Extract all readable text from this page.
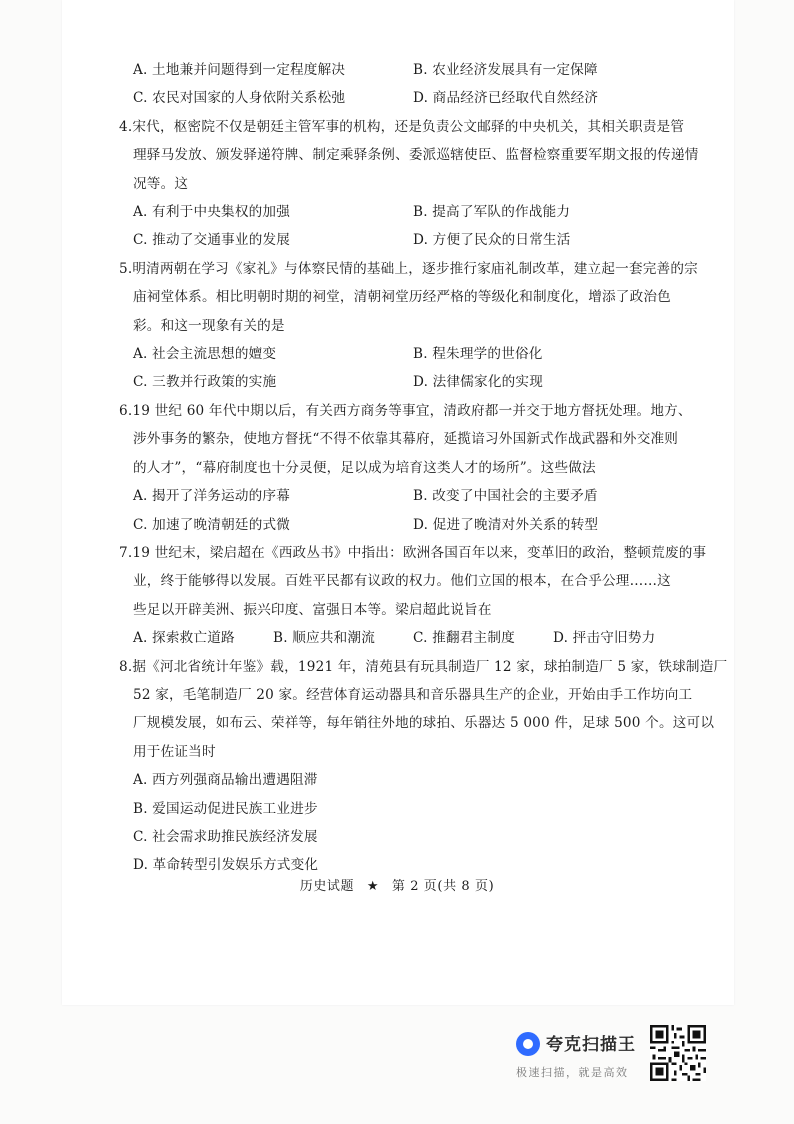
A. 土地兼并问题得到一定程度解决	B. 农业经济发展具有一定保障
C. 农民对国家的人身依附关系松弛	D. 商品经济已经取代自然经济
4.宋代，枢密院不仅是朝廷主管军事的机构，还是负责公文邮驿的中央机关，其相关职责是管
理驿马发放、颁发驿递符牌、制定乘驿条例、委派巡辖使臣、监督检察重要军期文报的传递情
况等。这
A. 有利于中央集权的加强	B. 提高了军队的作战能力
C. 推动了交通事业的发展	D. 方便了民众的日常生活
5.明清两朝在学习《家礼》与体察民情的基础上，逐步推行家庙礼制改革，建立起一套完善的宗
庙祠堂体系。相比明朝时期的祠堂，清朝祠堂历经严格的等级化和制度化，增添了政治色
彩。和这一现象有关的是
A. 社会主流思想的嬗变	B. 程朱理学的世俗化
C. 三教并行政策的实施	D. 法律儒家化的实现
6.19 世纪 60 年代中期以后，有关西方商务等事宜，清政府都一并交于地方督抚处理。地方、
涉外事务的繁杂，使地方督抚“不得不依靠其幕府，延揽谙习外国新式作战武器和外交准则
的人才”，“幕府制度也十分灵便，足以成为培育这类人才的场所”。这些做法
A. 揭开了洋务运动的序幕	B. 改变了中国社会的主要矛盾
C. 加速了晚清朝廷的式微	D. 促进了晚清对外关系的转型
7.19 世纪末，梁启超在《西政丛书》中指出：欧洲各国百年以来，变革旧的政治，整顿荒废的事
业，终于能够得以发展。百姓平民都有议政的权力。他们立国的根本，在合乎公理……这
些足以开辟美洲、振兴印度、富强日本等。梁启超此说旨在
A. 探索救亡道路	B. 顺应共和潮流	C. 推翻君主制度	D. 抨击守旧势力
8.据《河北省统计年鉴》载，1921 年，清苑县有玩具制造厂 12 家，球拍制造厂 5 家，铁球制造厂
52 家，毛笔制造厂 20 家。经营体育运动器具和音乐器具生产的企业，开始由手工作坊向工
厂规模发展，如布云、荣祥等，每年销往外地的球拍、乐器达 5 000 件，足球 500 个。这可以
用于佐证当时
A. 西方列强商品输出遭遇阻滞
B. 爱国运动促进民族工业进步
C. 社会需求助推民族经济发展
D. 革命转型引发娱乐方式变化
历史试题 ★ 第 2 页(共 8 页)
夸克扫描王
极速扫描，就是高效
